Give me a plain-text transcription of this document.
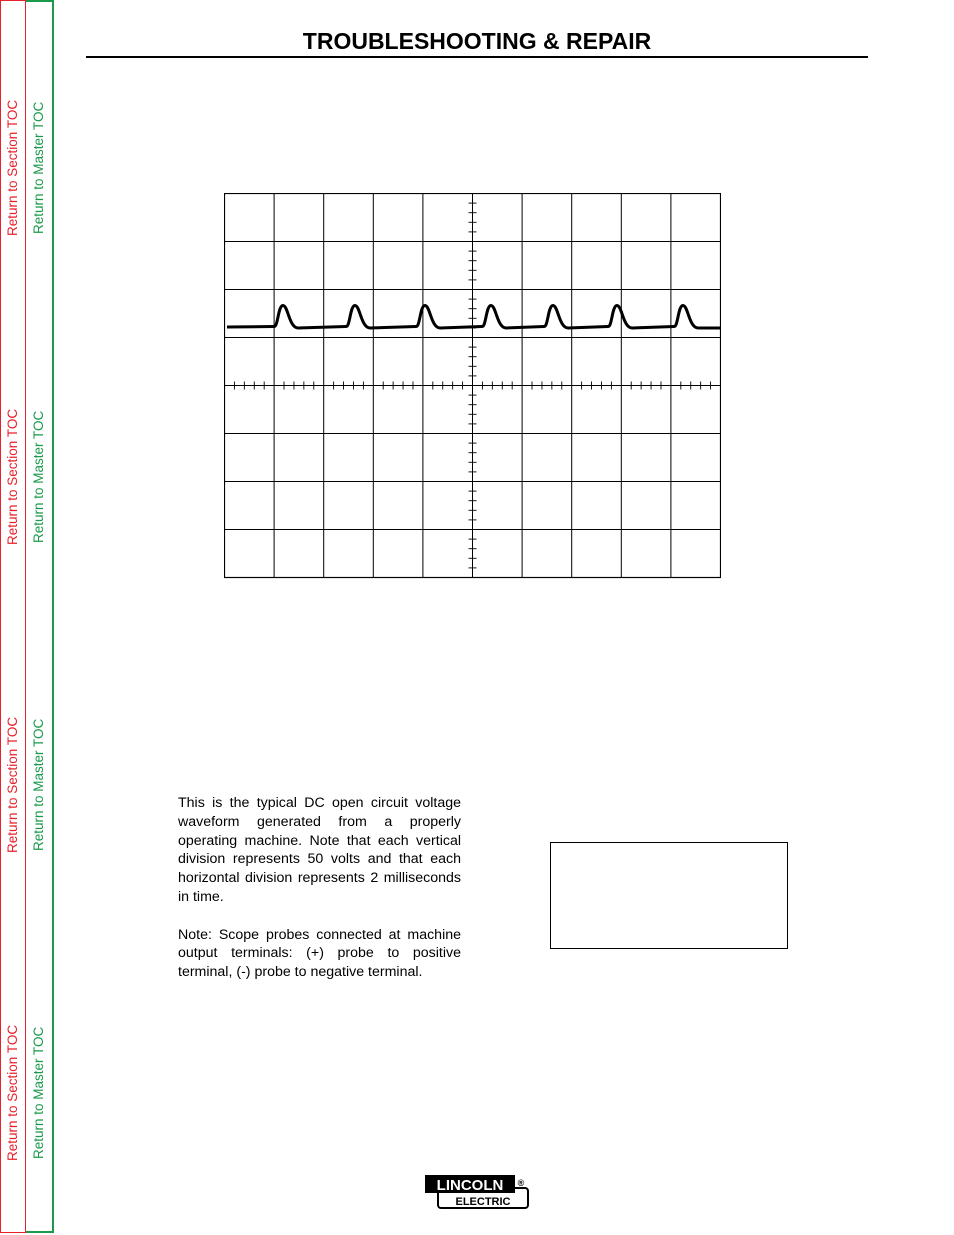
Return to Section TOC Return to Master TOC
Return to Section TOC Return to Master TOC
Return to Section TOC Return to Master TOC
Return to Section TOC Return to Master TOC
TROUBLESHOOTING & REPAIR

This is the typical DC open circuit voltage waveform generated from a properly operating machine. Note that each vertical division represents 50 volts and that each horizontal division represents 2 milliseconds in time.

Note: Scope probes connected at machine output terminals: (+) probe to positive terminal, (-) probe to negative terminal.

LINCOLN
ELECTRIC
®
